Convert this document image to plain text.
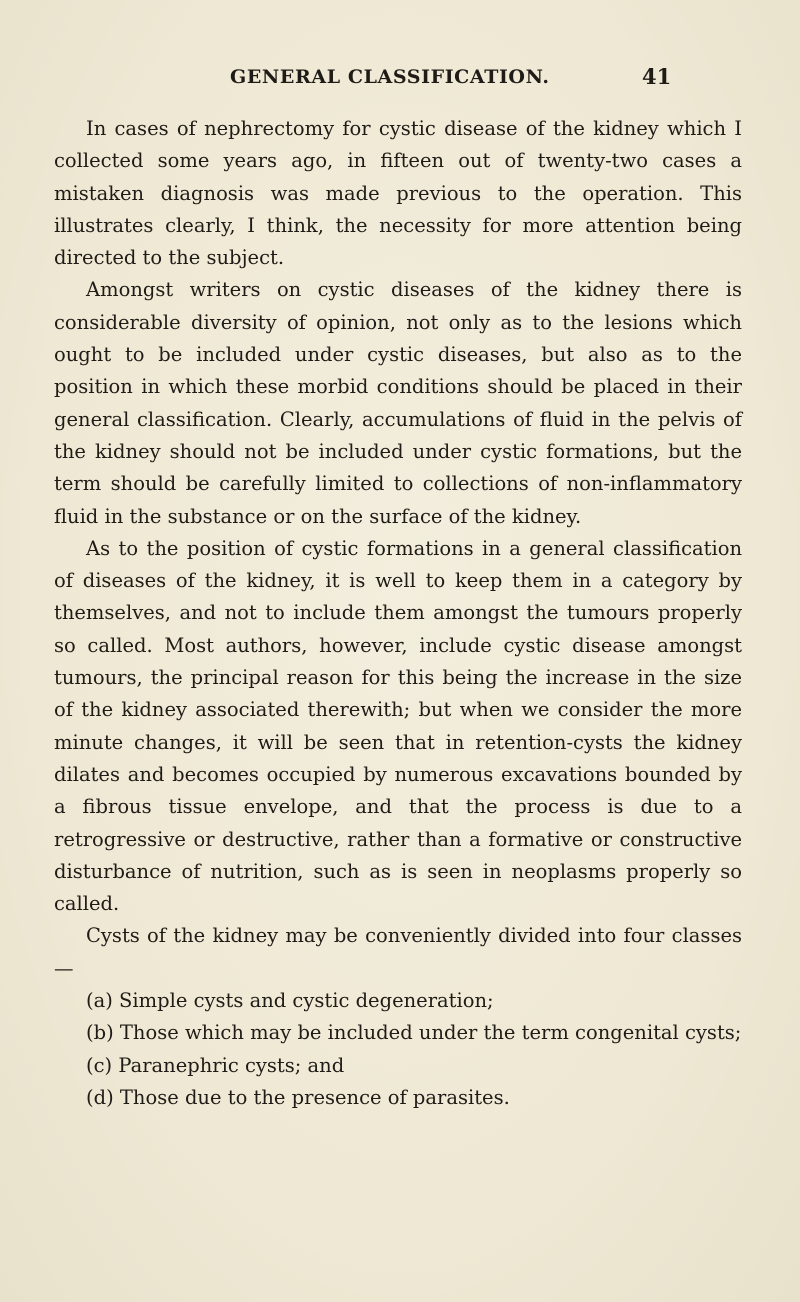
GENERAL CLASSIFICATION.	41

In cases of nephrectomy for cystic disease of the kidney which I collected some years ago, in fifteen out of twenty-two cases a mistaken diagnosis was made previous to the operation. This illustrates clearly, I think, the necessity for more attention being directed to the subject.

Amongst writers on cystic diseases of the kidney there is considerable diversity of opinion, not only as to the lesions which ought to be included under cystic diseases, but also as to the position in which these morbid conditions should be placed in their general classification. Clearly, accumulations of fluid in the pelvis of the kidney should not be included under cystic formations, but the term should be carefully limited to collections of non-inflammatory fluid in the substance or on the surface of the kidney.

As to the position of cystic formations in a general classification of diseases of the kidney, it is well to keep them in a category by themselves, and not to include them amongst the tumours properly so called. Most authors, however, include cystic disease amongst tumours, the principal reason for this being the increase in the size of the kidney associated therewith; but when we consider the more minute changes, it will be seen that in retention-cysts the kidney dilates and becomes occupied by numerous excavations bounded by a fibrous tissue envelope, and that the process is due to a retrogressive or destructive, rather than a formative or constructive disturbance of nutrition, such as is seen in neoplasms properly so called.

Cysts of the kidney may be conveniently divided into four classes—

(a) Simple cysts and cystic degeneration;

(b) Those which may be included under the term congenital cysts;

(c) Paranephric cysts; and

(d) Those due to the presence of parasites.
